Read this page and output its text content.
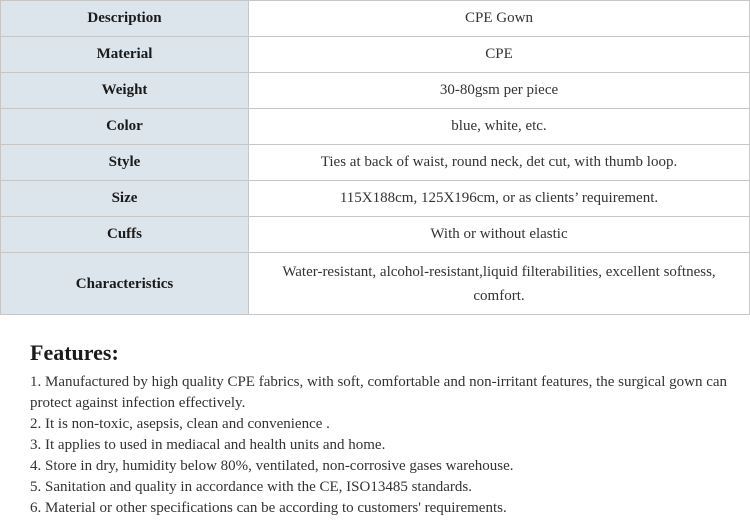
Description	CPE Gown
Material	CPE
Weight	30-80gsm per piece
Color	blue, white, etc.
Style	Ties at back of waist, round neck, det cut, with thumb loop.
Size	115X188cm, 125X196cm, or as clients’ requirement.
Cuffs	With or without elastic
Characteristics	Water-resistant, alcohol-resistant,liquid filterabilities, excellent softness, comfort.
Features:
1. Manufactured by high quality CPE fabrics, with soft, comfortable and non-irritant features, the surgical gown can protect against infection effectively.
2. It is non-toxic, asepsis, clean and convenience .
3. It applies to used in mediacal and health units and home.
4. Store in dry, humidity below 80%, ventilated, non-corrosive gases warehouse.
5. Sanitation and quality in accordance with the CE, ISO13485 standards.
6. Material or other specifications can be according to customers' requirements.
